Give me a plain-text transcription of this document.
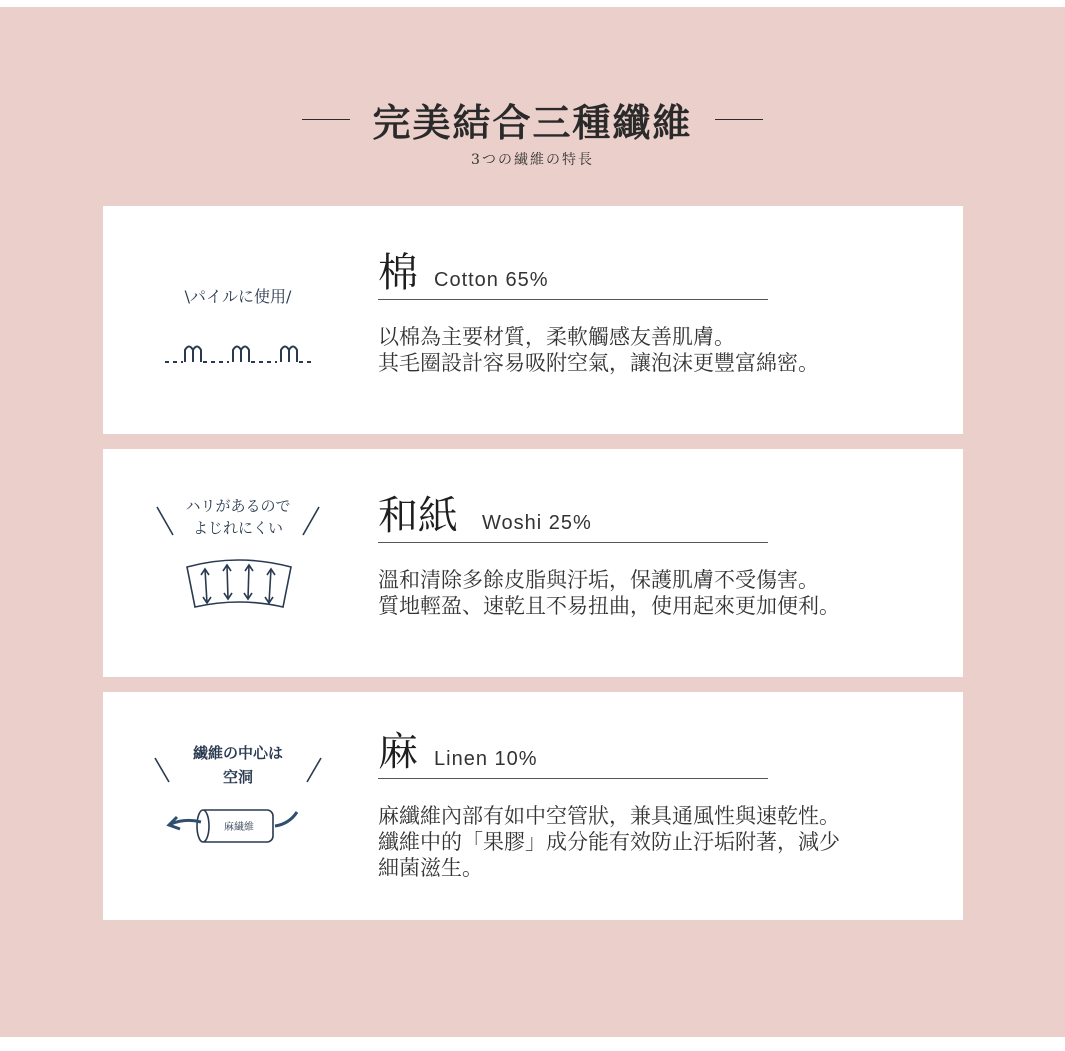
完美結合三種纖維
3つの繊維の特長
\パイルに使用/
棉 Cotton 65%
以棉為主要材質，柔軟觸感友善肌膚。
其毛圈設計容易吸附空氣，讓泡沫更豐富綿密。
ハリがあるので
よじれにくい	和紙 Woshi 25%
溫和清除多餘皮脂與汙垢，保護肌膚不受傷害。
質地輕盈、速乾且不易扭曲，使用起來更加便利。
繊維の中心は
空洞
麻繊維
麻 Linen 10%
麻纖維內部有如中空管狀，兼具通風性與速乾性。
纖維中的「果膠」成分能有效防止汙垢附著，減少
細菌滋生。
